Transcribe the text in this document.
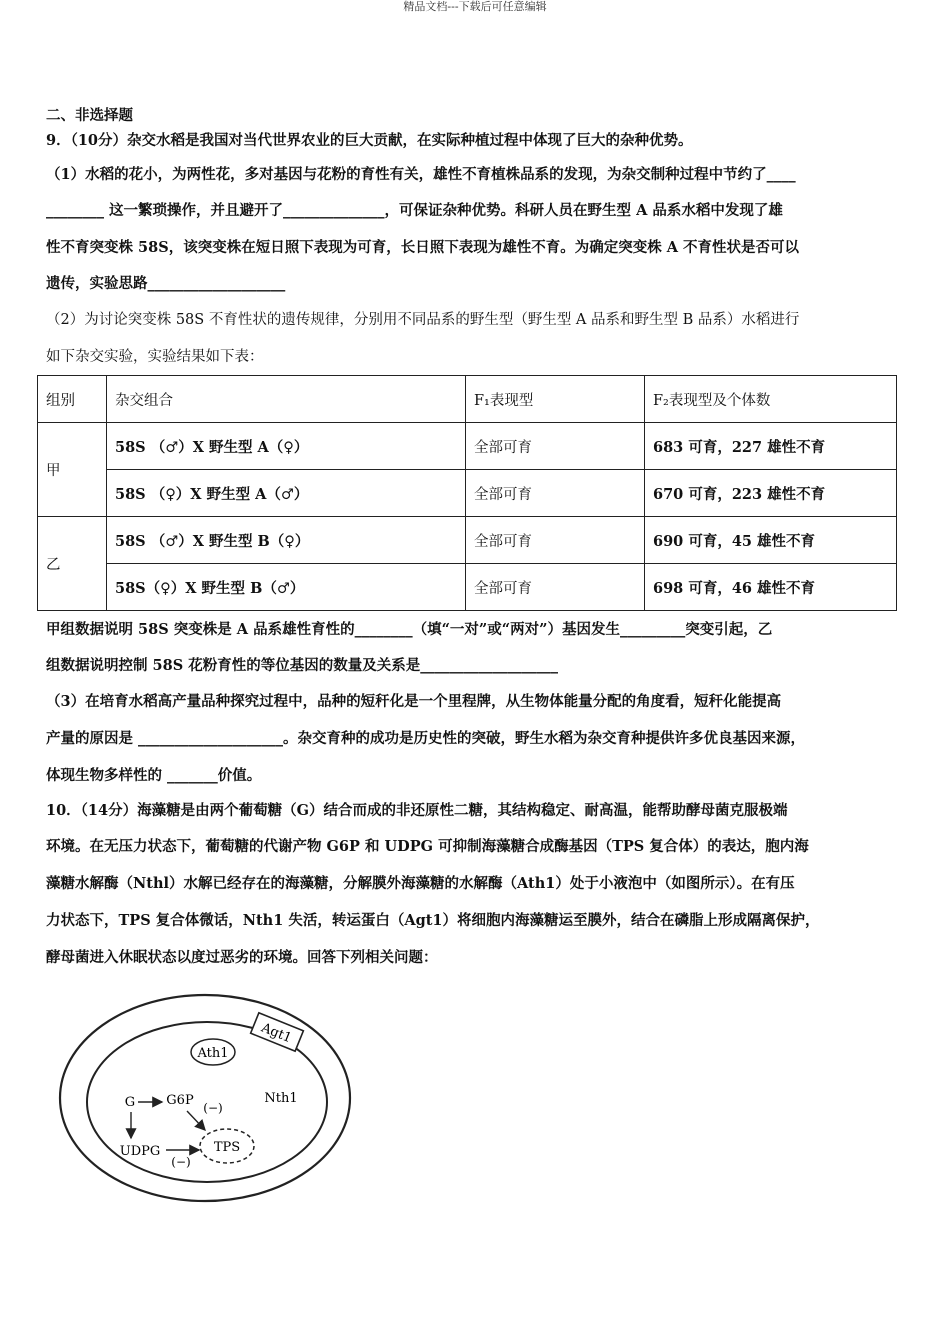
精品文档---下载后可任意编辑
二、非选择题
9．（10分）杂交水稻是我国对当代世界农业的巨大贡献，在实际种植过程中体现了巨大的杂种优势。
（1）水稻的花小，为两性花，多对基因与花粉的育性有关，雄性不育植株品系的发现，为杂交制种过程中节约了____
________ 这一繁琐操作，并且避开了______________，可保证杂种优势。科研人员在野生型 A 品系水稻中发现了雄
性不育突变株 58S，该突变株在短日照下表现为可育，长日照下表现为雄性不育。为确定突变株 A 不育性状是否可以
遗传，实验思路___________________
（2）为讨论突变株 58S 不育性状的遗传规律，分别用不同品系的野生型（野生型 A 品系和野生型 B 品系）水稻进行
如下杂交实验，实验结果如下表：
组别	杂交组合	F₁表现型	F₂表现型及个体数
甲	58S （♂）X 野生型 A（♀）	全部可育	683 可育，227 雄性不育
	58S （♀）X 野生型 A（♂）	全部可育	670 可育，223 雄性不育
乙	58S （♂）X 野生型 B（♀）	全部可育	690 可育，45 雄性不育
	58S（♀）X 野生型 B（♂）	全部可育	698 可育，46 雄性不育
甲组数据说明 58S 突变株是 A 品系雄性育性的________（填“一对”或“两对”）基因发生_________突变引起，乙
组数据说明控制 58S 花粉育性的等位基因的数量及关系是___________________
（3）在培育水稻高产量品种探究过程中，品种的短秆化是一个里程牌，从生物体能量分配的角度看，短秆化能提高
产量的原因是 ____________________。杂交育种的成功是历史性的突破，野生水稻为杂交育种提供许多优良基因来源，
体现生物多样性的 _______价值。
10．（14分）海藻糖是由两个葡萄糖（G）结合而成的非还原性二糖，其结构稳定、耐高温，能帮助酵母菌克服极端
环境。在无压力状态下，葡萄糖的代谢产物 G6P 和 UDPG 可抑制海藻糖合成酶基因（TPS 复合体）的表达，胞内海
藻糖水解酶（Nthl）水解已经存在的海藻糖，分解膜外海藻糖的水解酶（Ath1）处于小液泡中（如图所示）。在有压
力状态下，TPS 复合体微话，Nth1 失活，转运蛋白（Agt1）将细胞内海藻糖运至膜外，结合在磷脂上形成隔离保护，
酵母菌进入休眠状态以度过恶劣的环境。回答下列相关问题：
Agt1
Ath1
Nth1
G G6P (−)
UDPG
(−)
TPS
